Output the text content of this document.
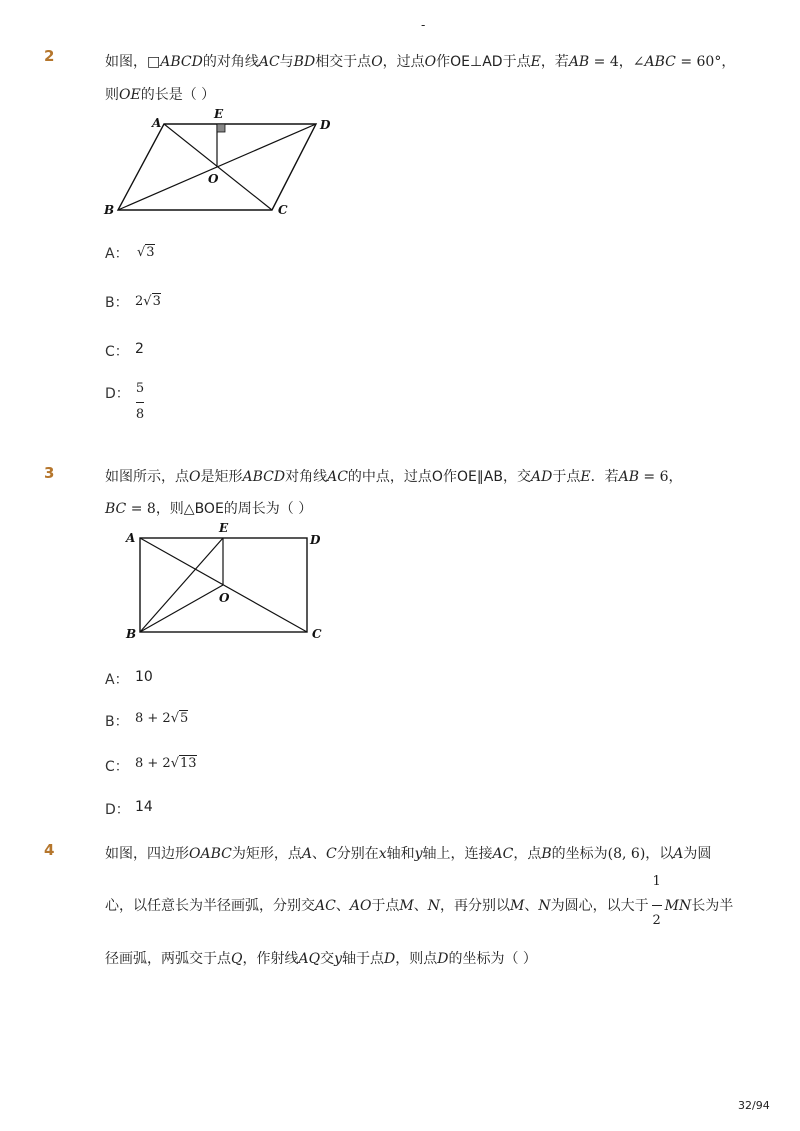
-
2	如图，□ABCD的对角线AC与BD相交于点O，过点O作OE⊥AD于点E，若AB = 4，∠ABC = 60°，
则OE的长是（ ）
A	D
E
O
B	C
A： √3
B： 2√3
C： 2
D： 5
8
3	如图所示，点O是矩形ABCD对角线AC的中点，过点O作OE∥AB，交AD于点E．若AB = 6，
BC = 8，则△BOE的周长为（ ）
A	D
E
O
B	C
A： 10
B： 8 + 2√5
C： 8 + 2√13
D： 14
4	如图，四边形OABC为矩形，点A、C分别在x轴和y轴上，连接AC，点B的坐标为(8, 6)，以A为圆
心，以任意长为半径画弧，分别交AC、AO于点M、N，再分别以M、N为圆心，以大于 $\frac{1}{2}$ MN长为半
径画弧，两弧交于点Q，作射线AQ交y轴于点D，则点D的坐标为（ ）
32/94
